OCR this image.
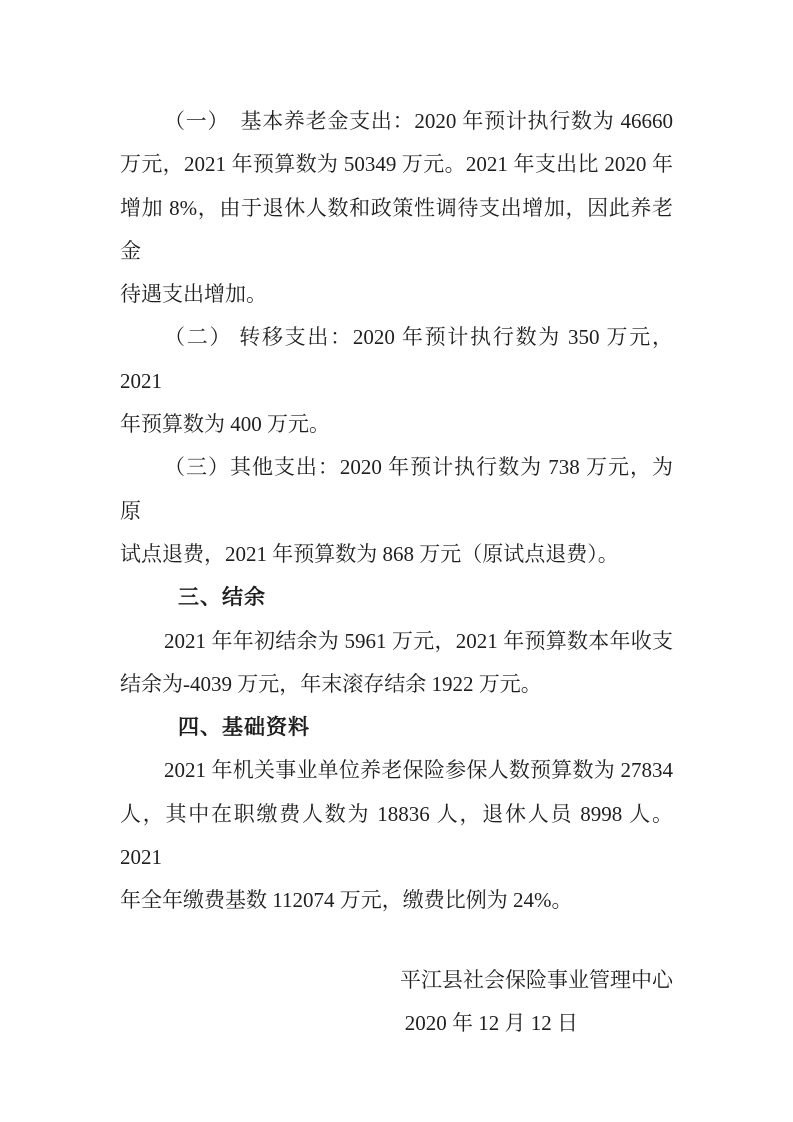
（一）　基本养老金支出：2020 年预计执行数为 46660
万元，2021 年预算数为 50349 万元。2021 年支出比 2020 年
增加 8%，由于退休人数和政策性调待支出增加，因此养老金
待遇支出增加。
（二） 转移支出：2020 年预计执行数为 350 万元，2021
年预算数为 400 万元。
（三）其他支出：2020 年预计执行数为 738 万元，为原
试点退费，2021 年预算数为 868 万元（原试点退费）。
三、结余
2021 年年初结余为 5961 万元，2021 年预算数本年收支
结余为-4039 万元，年末滚存结余 1922 万元。
四、基础资料
2021 年机关事业单位养老保险参保人数预算数为 27834
人，其中在职缴费人数为 18836 人，退休人员 8998 人。2021
年全年缴费基数 112074 万元，缴费比例为 24%。
平江县社会保险事业管理中心
2020 年 12 月 12 日
